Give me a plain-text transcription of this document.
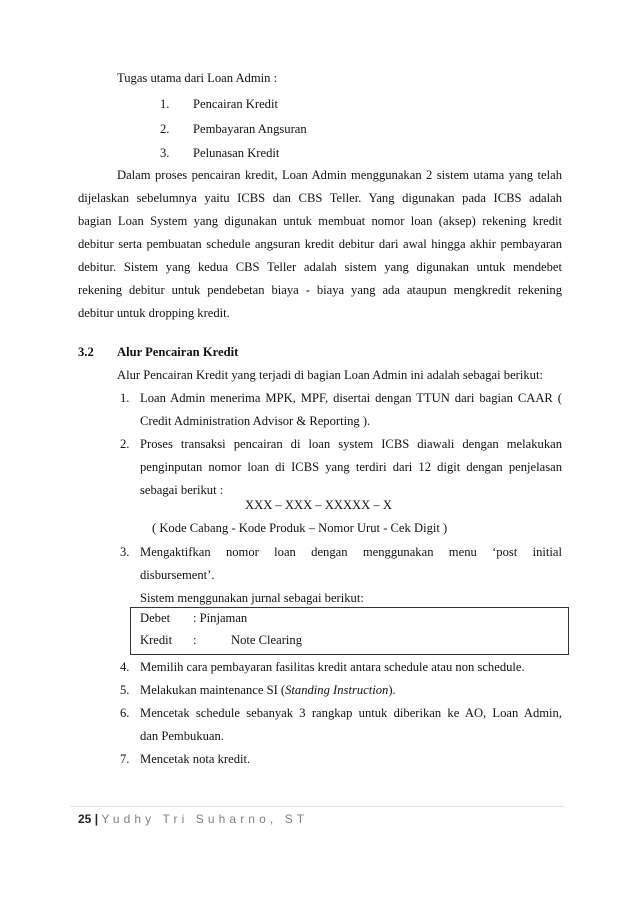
Tugas utama dari Loan Admin :
1. Pencairan Kredit
2. Pembayaran Angsuran
3. Pelunasan Kredit
Dalam proses pencairan kredit, Loan Admin menggunakan 2 sistem utama yang telah
dijelaskan sebelumnya yaitu ICBS dan CBS Teller. Yang digunakan pada ICBS adalah
bagian Loan System yang digunakan untuk membuat nomor loan (aksep) rekening kredit
debitur serta pembuatan schedule angsuran kredit debitur dari awal hingga akhir pembayaran
debitur. Sistem yang kedua CBS Teller adalah sistem yang digunakan untuk mendebet
rekening debitur untuk pendebetan biaya - biaya yang ada ataupun mengkredit rekening
debitur untuk dropping kredit.
3.2 Alur Pencairan Kredit
Alur Pencairan Kredit yang terjadi di bagian Loan Admin ini adalah sebagai berikut:
1. Loan Admin menerima MPK, MPF, disertai dengan TTUN dari bagian CAAR (
Credit Administration Advisor & Reporting ).
2. Proses transaksi pencairan di loan system ICBS diawali dengan melakukan
penginputan nomor loan di ICBS yang terdiri dari 12 digit dengan penjelasan
sebagai berikut :
XXX – XXX – XXXXX – X
( Kode Cabang - Kode Produk – Nomor Urut - Cek Digit )
3. Mengaktifkan nomor loan dengan menggunakan menu ‘post initial
disbursement’.
Sistem menggunakan jurnal sebagai berikut:
Debet : Pinjaman
Kredit :	Note Clearing
4. Memilih cara pembayaran fasilitas kredit antara schedule atau non schedule.
5. Melakukan maintenance SI (Standing Instruction).
6. Mencetak schedule sebanyak 3 rangkap untuk diberikan ke AO, Loan Admin,
dan Pembukuan.
7. Mencetak nota kredit.
25 | Yudhy Tri Suharno, ST
